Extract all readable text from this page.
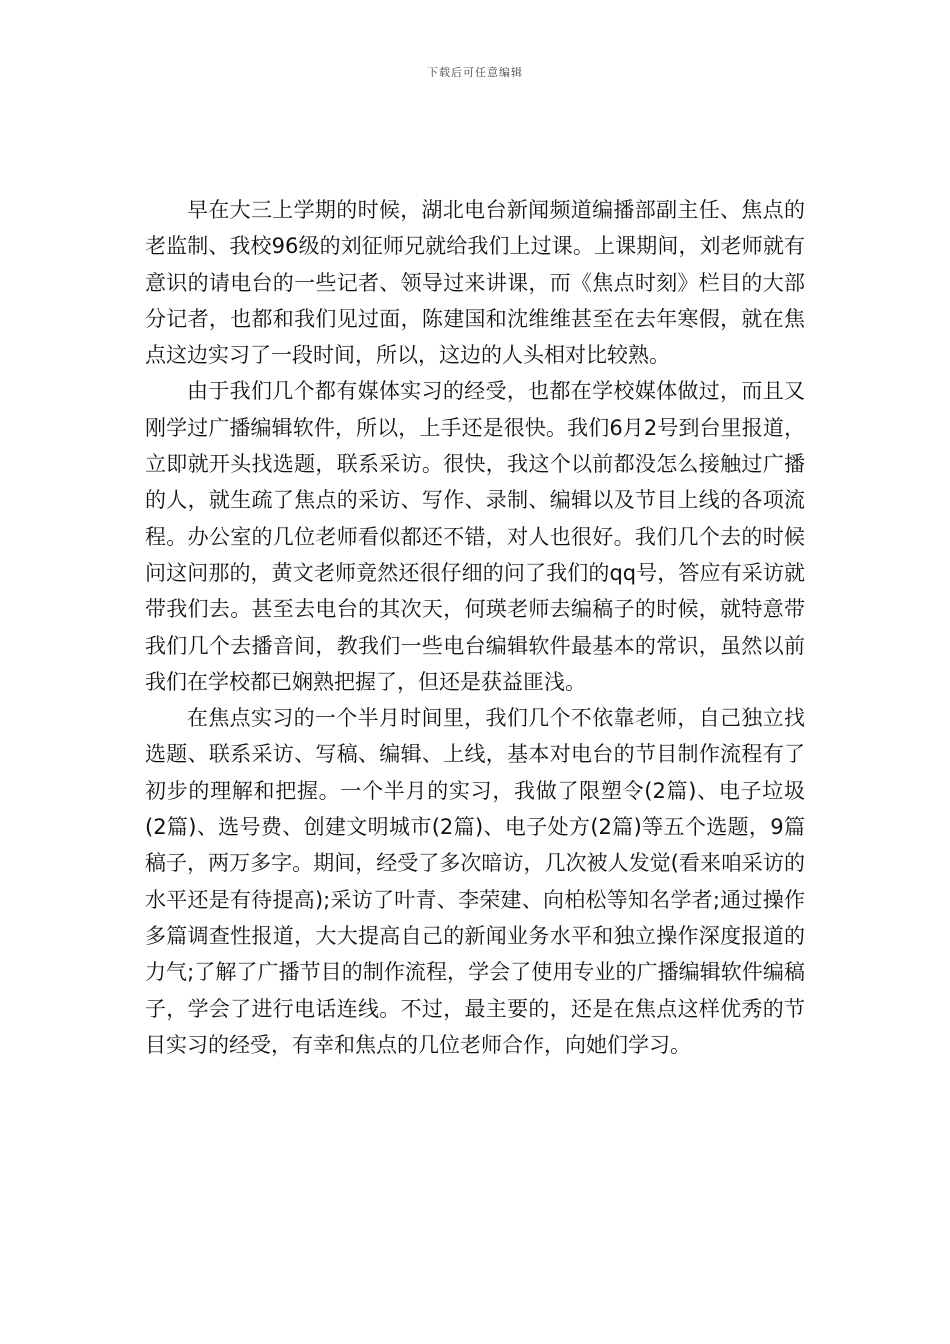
下载后可任意编辑

早在大三上学期的时候，湖北电台新闻频道编播部副主任、焦点的老监制、我校96级的刘征师兄就给我们上过课。上课期间，刘老师就有意识的请电台的一些记者、领导过来讲课，而《焦点时刻》栏目的大部分记者，也都和我们见过面，陈建国和沈维维甚至在去年寒假，就在焦点这边实习了一段时间，所以，这边的人头相对比较熟。

由于我们几个都有媒体实习的经受，也都在学校媒体做过，而且又刚学过广播编辑软件，所以，上手还是很快。我们6月2号到台里报道，立即就开头找选题，联系采访。很快，我这个以前都没怎么接触过广播的人，就生疏了焦点的采访、写作、录制、编辑以及节目上线的各项流程。办公室的几位老师看似都还不错，对人也很好。我们几个去的时候问这问那的，黄文老师竟然还很仔细的问了我们的qq号，答应有采访就带我们去。甚至去电台的其次天，何瑛老师去编稿子的时候，就特意带我们几个去播音间，教我们一些电台编辑软件最基本的常识，虽然以前我们在学校都已娴熟把握了，但还是获益匪浅。

在焦点实习的一个半月时间里，我们几个不依靠老师，自己独立找选题、联系采访、写稿、编辑、上线，基本对电台的节目制作流程有了初步的理解和把握。一个半月的实习，我做了限塑令(2篇)、电子垃圾(2篇)、选号费、创建文明城市(2篇)、电子处方(2篇)等五个选题，9篇稿子，两万多字。期间，经受了多次暗访，几次被人发觉(看来咱采访的水平还是有待提高);采访了叶青、李荣建、向柏松等知名学者;通过操作多篇调查性报道，大大提高自己的新闻业务水平和独立操作深度报道的力气;了解了广播节目的制作流程，学会了使用专业的广播编辑软件编稿子，学会了进行电话连线。不过，最主要的，还是在焦点这样优秀的节目实习的经受，有幸和焦点的几位老师合作，向她们学习。
